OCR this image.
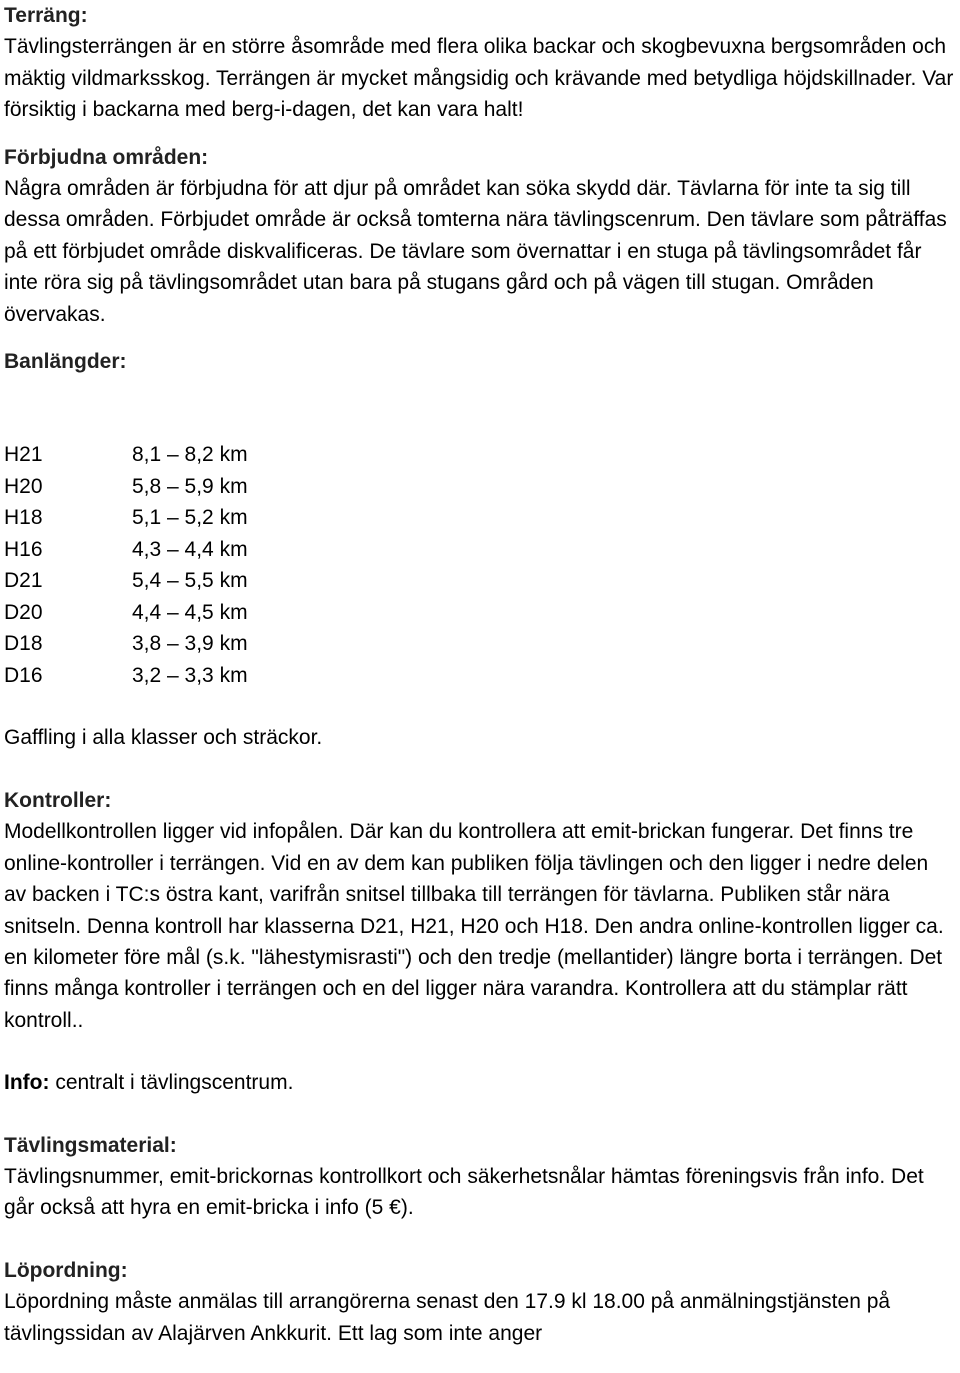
Terräng:

Tävlingsterrängen är en större åsområde med flera olika backar och skogbevuxna bergsområden och mäktig vildmarksskog. Terrängen är mycket mångsidig och krävande med betydliga höjdskillnader. Var försiktig i backarna med berg-i-dagen, det kan vara halt!

Förbjudna områden:

Några områden är förbjudna för att djur på området kan söka skydd där. Tävlarna för inte ta sig till dessa områden. Förbjudet område är också tomterna nära tävlingscenrum. Den tävlare som påträffas på ett förbjudet område diskvalificeras. De tävlare som övernattar i en stuga på tävlingsområdet får inte röra sig på tävlingsområdet utan bara på stugans gård och på vägen till stugan. Områden övervakas.

Banlängder:
H21	8,1 – 8,2 km
H20	5,8 – 5,9 km
H18	5,1 – 5,2 km
H16	4,3 – 4,4 km
D21	5,4 – 5,5 km
D20	4,4 – 4,5 km
D18	3,8 – 3,9 km
D16	3,2 – 3,3 km

Gaffling i alla klasser och sträckor.

Kontroller:

Modellkontrollen ligger vid infopålen. Där kan du kontrollera att emit-brickan fungerar. Det finns tre online-kontroller i terrängen. Vid en av dem kan publiken följa tävlingen och den ligger i nedre delen av backen i TC:s östra kant, varifrån snitsel tillbaka till terrängen för tävlarna. Publiken står nära snitseln. Denna kontroll har klasserna D21, H21, H20 och H18. Den andra online-kontrollen ligger ca. en kilometer före mål (s.k. "lähestymisrasti") och den tredje (mellantider) längre borta i terrängen. Det finns många kontroller i terrängen och en del ligger nära varandra. Kontrollera att du stämplar rätt kontroll..

Info: centralt i tävlingscentrum.

Tävlingsmaterial:

Tävlingsnummer, emit-brickornas kontrollkort och säkerhetsnålar hämtas föreningsvis från info. Det går också att hyra en emit-bricka i info (5 €).

Löpordning:

Löpordning måste anmälas till arrangörerna senast den 17.9 kl 18.00 på anmälningstjänsten på tävlingssidan av Alajärven Ankkurit. Ett lag som inte anger
